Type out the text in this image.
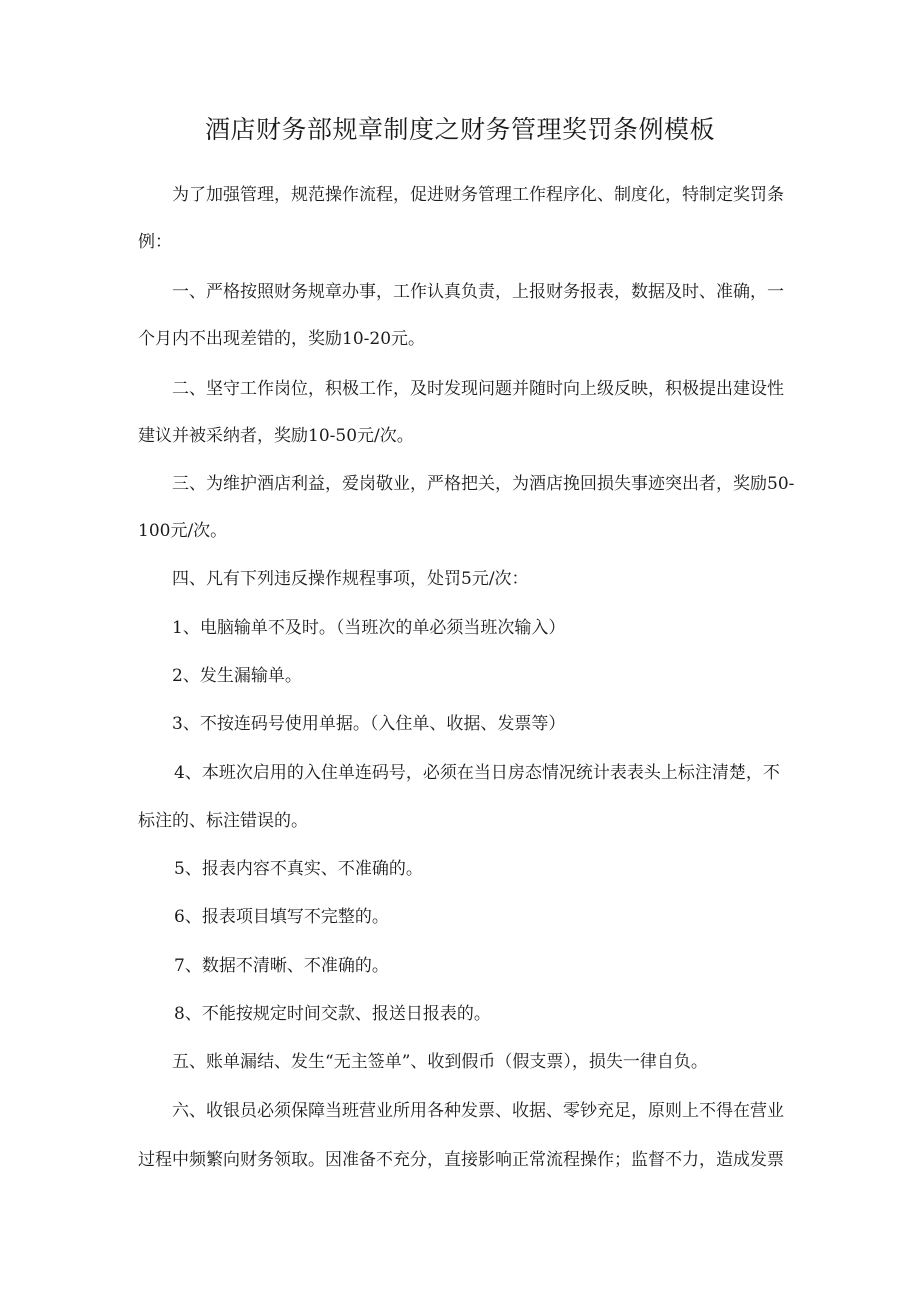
酒店财务部规章制度之财务管理奖罚条例模板
为了加强管理，规范操作流程，促进财务管理工作程序化、制度化，特制定奖罚条
例：
一、严格按照财务规章办事，工作认真负责，上报财务报表，数据及时、准确，一
个月内不出现差错的，奖励10-20元。
二、坚守工作岗位，积极工作，及时发现问题并随时向上级反映，积极提出建设性
建议并被采纳者，奖励10-50元/次。
三、为维护酒店利益，爱岗敬业，严格把关，为酒店挽回损失事迹突出者，奖励50-
100元/次。
四、凡有下列违反操作规程事项，处罚5元/次：
1、电脑输单不及时。（当班次的单必须当班次输入）
2、发生漏输单。
3、不按连码号使用单据。（入住单、收据、发票等）
4、本班次启用的入住单连码号，必须在当日房态情况统计表表头上标注清楚，不
标注的、标注错误的。
5、报表内容不真实、不准确的。
6、报表项目填写不完整的。
7、数据不清晰、不准确的。
8、不能按规定时间交款、报送日报表的。
五、账单漏结、发生“无主签单”、收到假币（假支票），损失一律自负。
六、收银员必须保障当班营业所用各种发票、收据、零钞充足，原则上不得在营业
过程中频繁向财务领取。因准备不充分，直接影响正常流程操作；监督不力，造成发票
